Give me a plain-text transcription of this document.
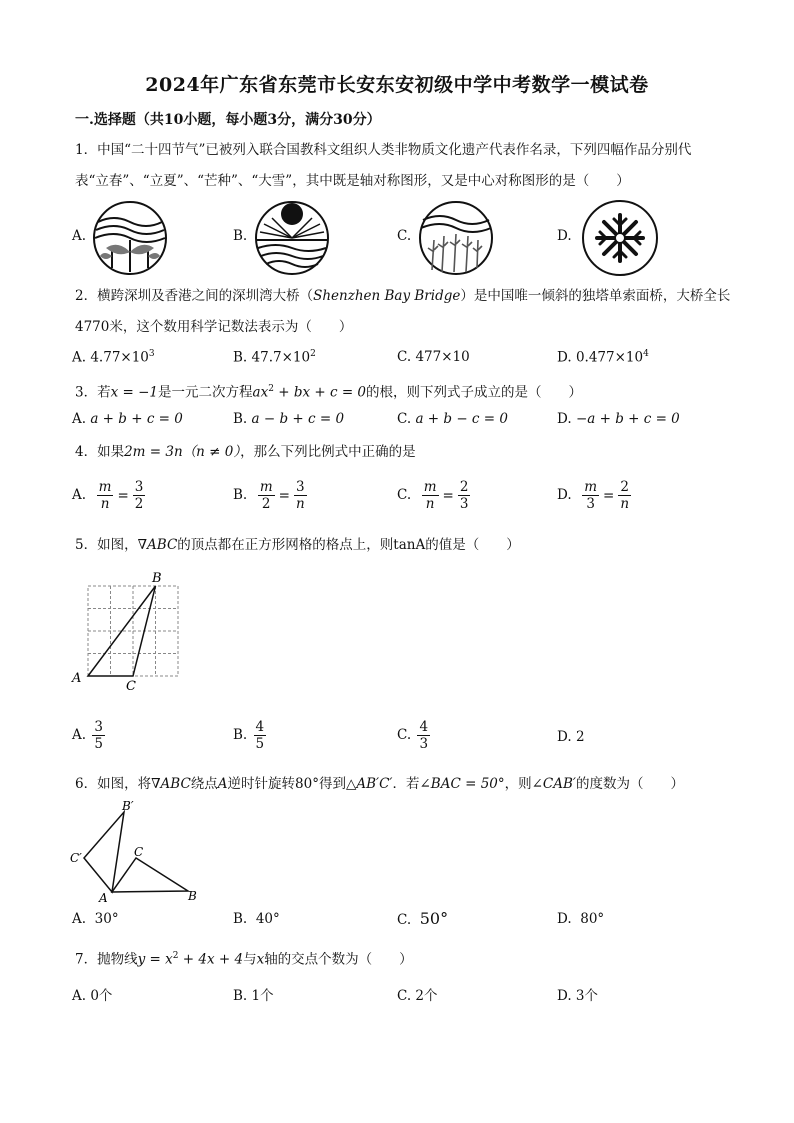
2024年广东省东莞市长安东安初级中学中考数学一模试卷
一.选择题（共10小题，每小题3分，满分30分）
1．中国“二十四节气”已被列入联合国教科文组织人类非物质文化遗产代表作名录，下列四幅作品分别代
表“立春”、“立夏”、“芒种”、“大雪”，其中既是轴对称图形，又是中心对称图形的是（　　）
A.	B.	C.	D.
2．横跨深圳及香港之间的深圳湾大桥（Shenzhen Bay Bridge）是中国唯一倾斜的独塔单索面桥，大桥全长
4770米，这个数用科学记数法表示为（　　）
A. $4.77\times 10^3$	B. $47.7\times 10^2$	C. 477×10	D. $0.477\times 10^4$
3．若x = −1是一元二次方程$ax^2$ + bx + c = 0的根，则下列式子成立的是（　　）
A. a + b + c = 0	B. a − b + c = 0	C. a + b − c = 0	D. −a + b + c = 0
4．如果2m = 3n（n ≠ 0），那么下列比例式中正确的是
A. $\frac{m}{n} = \frac{3}{2}$	B. $\frac{m}{2} = \frac{3}{n}$	C. $\frac{m}{n} = \frac{2}{3}$	D. $\frac{m}{3} = \frac{2}{n}$
5．如图，∇ABC的顶点都在正方形网格的格点上，则tanA的值是（　　）
B
A
C
A. $\frac{3}{5}$	B. $\frac{4}{5}$	C. $\frac{4}{3}$	D. 2
6．如图，将∇ABC绕点A逆时针旋转80°得到△AB′C′．若∠BAC = 50°，则∠CAB′的度数为（　　）
B′
C′	C
A	B
A. 30°	B. 40°	C. 50°	D. 80°
7．抛物线$y = x^2 + 4x + 4$与x轴的交点个数为（　　）
A. 0个	B. 1个	C. 2个	D. 3个
